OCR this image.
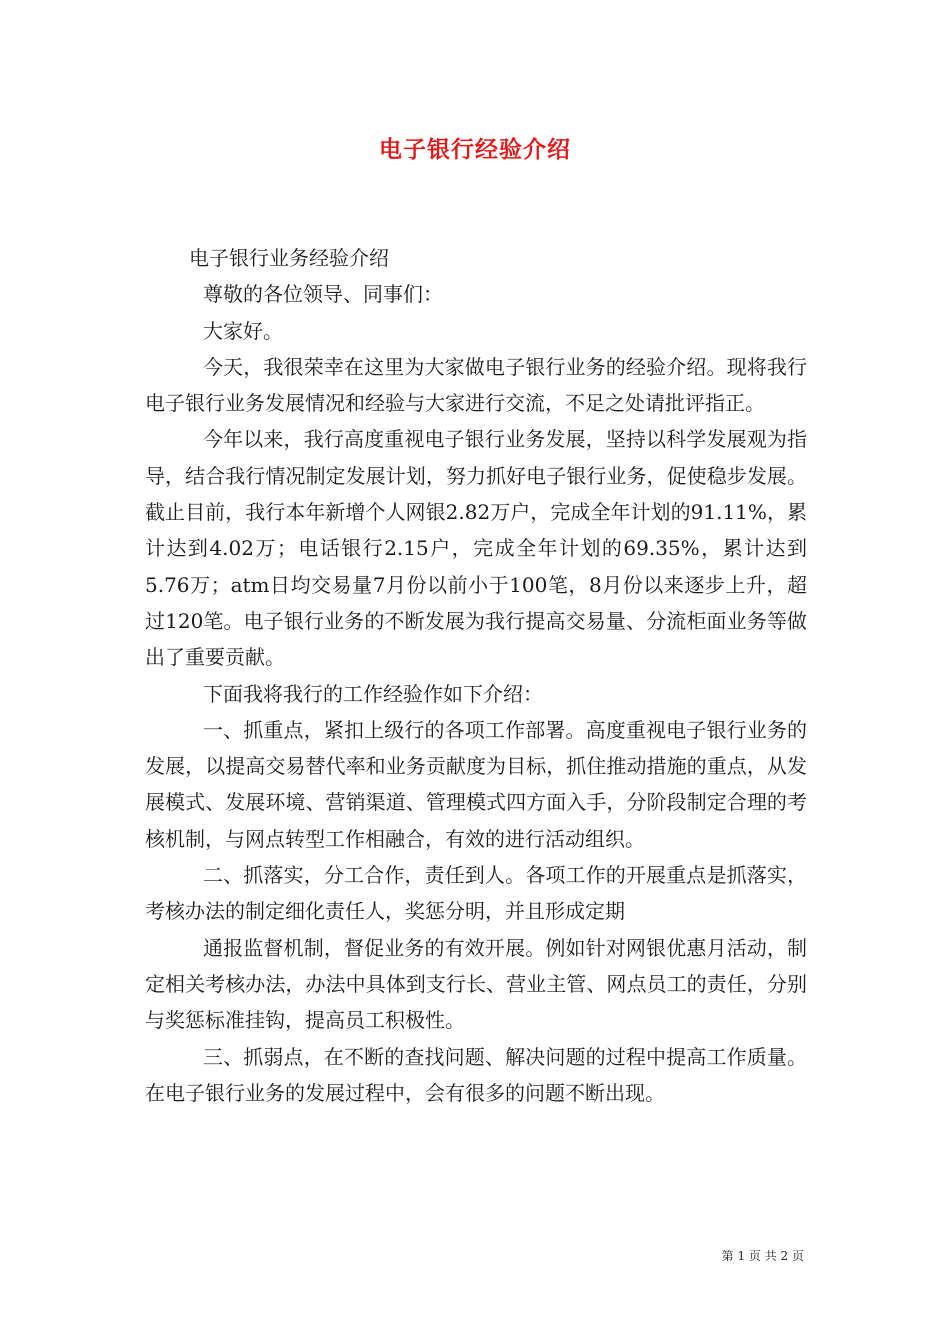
电子银行经验介绍

电子银行业务经验介绍

尊敬的各位领导、同事们：

大家好。

今天，我很荣幸在这里为大家做电子银行业务的经验介绍。现将我行电子银行业务发展情况和经验与大家进行交流，不足之处请批评指正。

今年以来，我行高度重视电子银行业务发展，坚持以科学发展观为指导，结合我行情况制定发展计划，努力抓好电子银行业务，促使稳步发展。截止目前，我行本年新增个人网银2.82万户，完成全年计划的91.11%，累计达到4.02万；电话银行2.15户，完成全年计划的69.35%，累计达到5.76万；atm日均交易量7月份以前小于100笔，8月份以来逐步上升，超过120笔。电子银行业务的不断发展为我行提高交易量、分流柜面业务等做出了重要贡献。

下面我将我行的工作经验作如下介绍：

一、抓重点，紧扣上级行的各项工作部署。高度重视电子银行业务的发展，以提高交易替代率和业务贡献度为目标，抓住推动措施的重点，从发展模式、发展环境、营销渠道、管理模式四方面入手，分阶段制定合理的考核机制，与网点转型工作相融合，有效的进行活动组织。

二、抓落实，分工合作，责任到人。各项工作的开展重点是抓落实，考核办法的制定细化责任人，奖惩分明，并且形成定期

通报监督机制，督促业务的有效开展。例如针对网银优惠月活动，制定相关考核办法，办法中具体到支行长、营业主管、网点员工的责任，分别与奖惩标准挂钩，提高员工积极性。

三、抓弱点，在不断的查找问题、解决问题的过程中提高工作质量。在电子银行业务的发展过程中，会有很多的问题不断出现。

第 1 页 共 2 页
